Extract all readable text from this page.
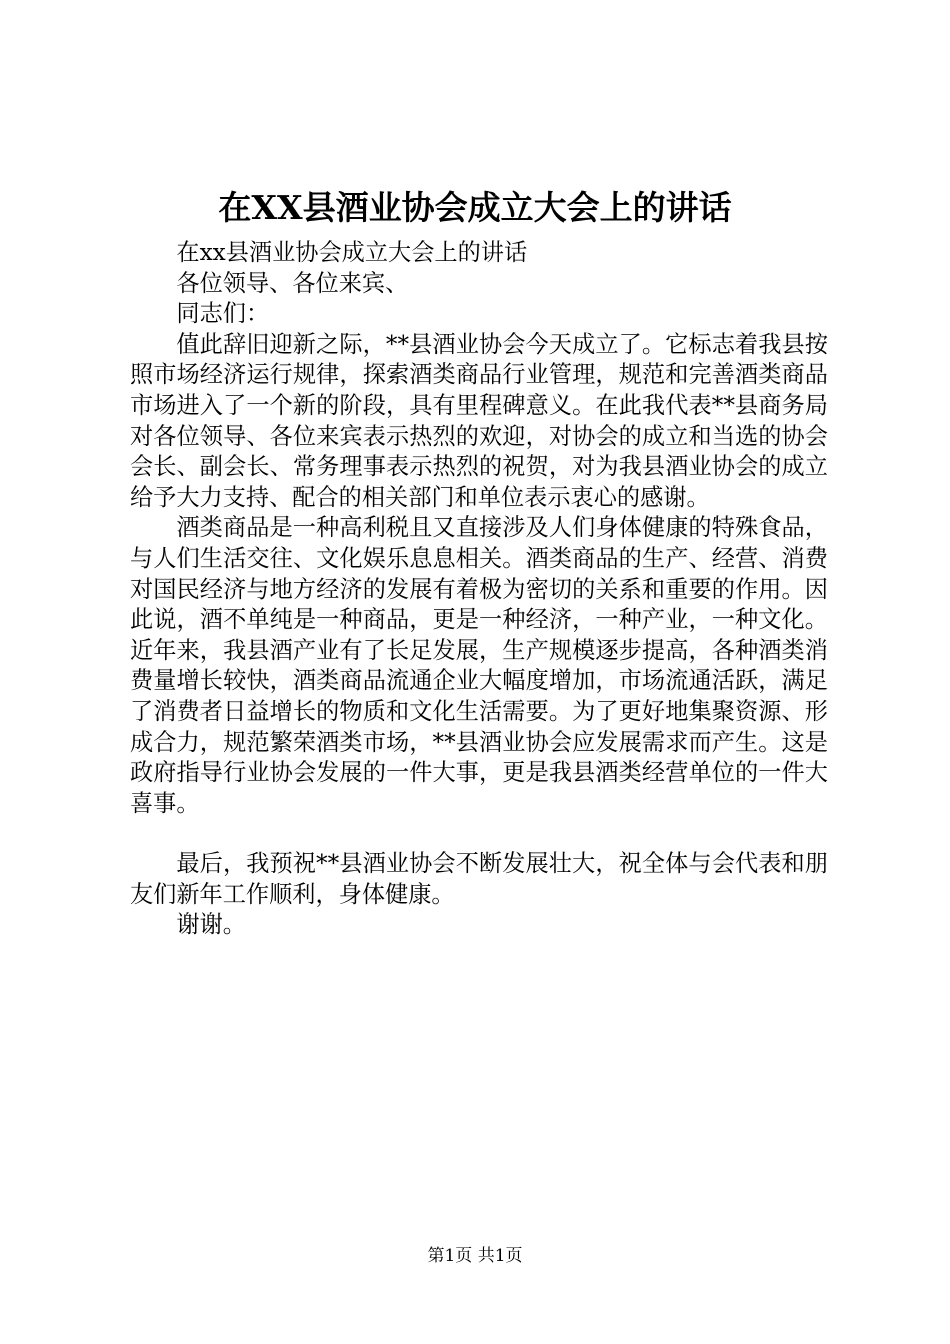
在XX县酒业协会成立大会上的讲话

在xx县酒业协会成立大会上的讲话

各位领导、各位来宾、

同志们：

值此辞旧迎新之际，**县酒业协会今天成立了。它标志着我县按照市场经济运行规律，探索酒类商品行业管理，规范和完善酒类商品市场进入了一个新的阶段，具有里程碑意义。在此我代表**县商务局对各位领导、各位来宾表示热烈的欢迎，对协会的成立和当选的协会会长、副会长、常务理事表示热烈的祝贺，对为我县酒业协会的成立给予大力支持、配合的相关部门和单位表示衷心的感谢。

酒类商品是一种高利税且又直接涉及人们身体健康的特殊食品，与人们生活交往、文化娱乐息息相关。酒类商品的生产、经营、消费对国民经济与地方经济的发展有着极为密切的关系和重要的作用。因此说，酒不单纯是一种商品，更是一种经济，一种产业，一种文化。近年来，我县酒产业有了长足发展，生产规模逐步提高，各种酒类消费量增长较快，酒类商品流通企业大幅度增加，市场流通活跃，满足了消费者日益增长的物质和文化生活需要。为了更好地集聚资源、形成合力，规范繁荣酒类市场，**县酒业协会应发展需求而产生。这是政府指导行业协会发展的一件大事，更是我县酒类经营单位的一件大喜事。

最后，我预祝**县酒业协会不断发展壮大，祝全体与会代表和朋友们新年工作顺利，身体健康。

谢谢。

第1页 共1页
